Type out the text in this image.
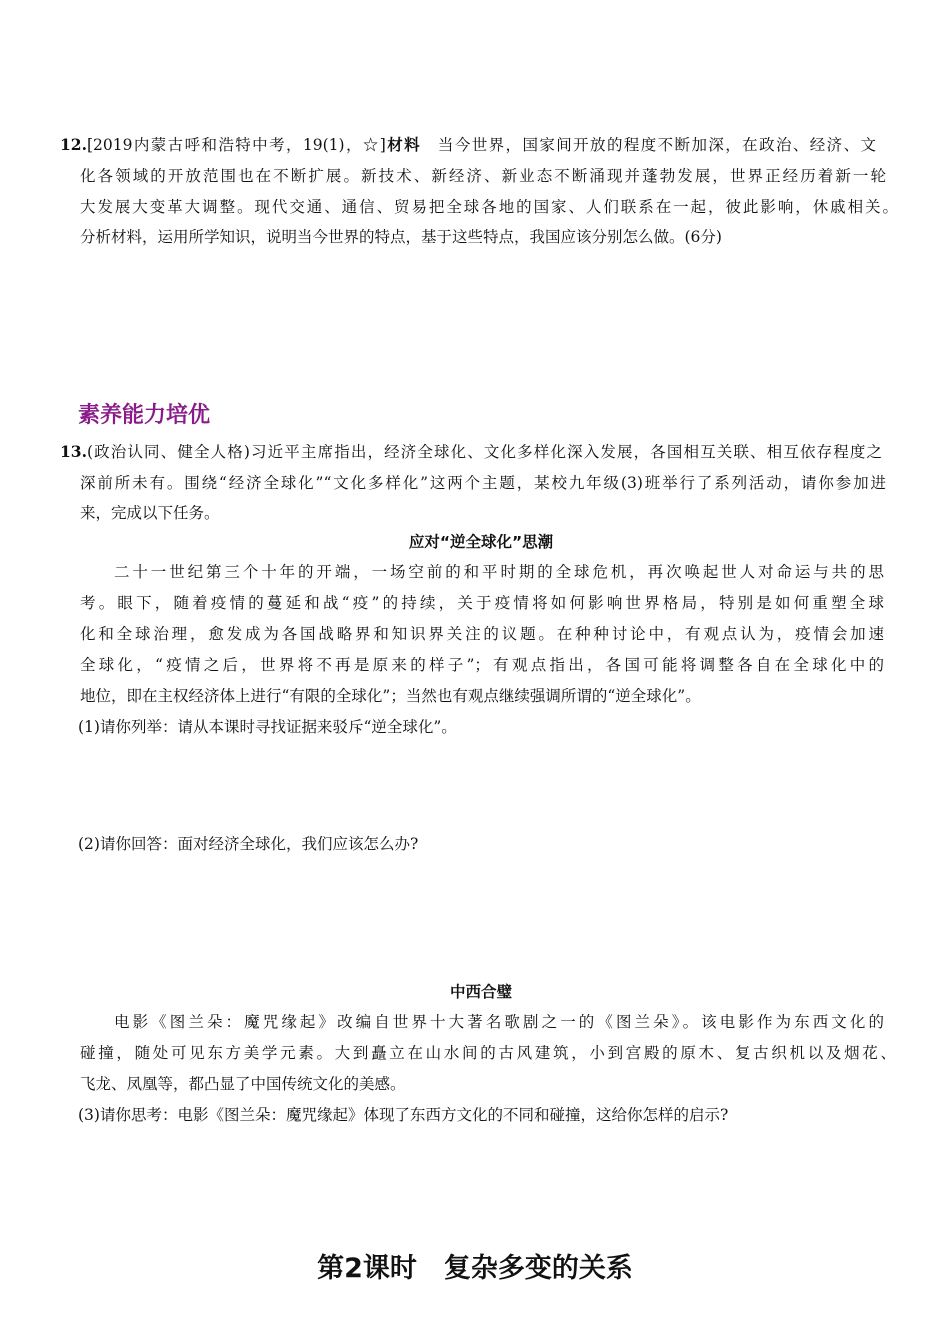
12.[2019内蒙古呼和浩特中考，19(1)，☆]材料　当今世界，国家间开放的程度不断加深，在政治、经济、文
化各领域的开放范围也在不断扩展。新技术、新经济、新业态不断涌现并蓬勃发展，世界正经历着新一轮
大发展大变革大调整。现代交通、通信、贸易把全球各地的国家、人们联系在一起，彼此影响，休戚相关。
分析材料，运用所学知识，说明当今世界的特点，基于这些特点，我国应该分别怎么做。(6分)
素养能力培优
13.(政治认同、健全人格)习近平主席指出，经济全球化、文化多样化深入发展，各国相互关联、相互依存程度之
深前所未有。围绕“经济全球化”“文化多样化”这两个主题，某校九年级(3)班举行了系列活动，请你参加进
来，完成以下任务。
应对“逆全球化”思潮
二十一世纪第三个十年的开端，一场空前的和平时期的全球危机，再次唤起世人对命运与共的思
考。眼下，随着疫情的蔓延和战“疫”的持续，关于疫情将如何影响世界格局，特别是如何重塑全球
化和全球治理，愈发成为各国战略界和知识界关注的议题。在种种讨论中，有观点认为，疫情会加速
全球化，“疫情之后，世界将不再是原来的样子”；有观点指出，各国可能将调整各自在全球化中的
地位，即在主权经济体上进行“有限的全球化”；当然也有观点继续强调所谓的“逆全球化”。
(1)请你列举：请从本课时寻找证据来驳斥“逆全球化”。
(2)请你回答：面对经济全球化，我们应该怎么办?
中西合璧
电影《图兰朵：魔咒缘起》改编自世界十大著名歌剧之一的《图兰朵》。该电影作为东西文化的
碰撞，随处可见东方美学元素。大到矗立在山水间的古风建筑，小到宫殿的原木、复古织机以及烟花、
飞龙、凤凰等，都凸显了中国传统文化的美感。
(3)请你思考：电影《图兰朵：魔咒缘起》体现了东西方文化的不同和碰撞，这给你怎样的启示?
第2课时　复杂多变的关系
